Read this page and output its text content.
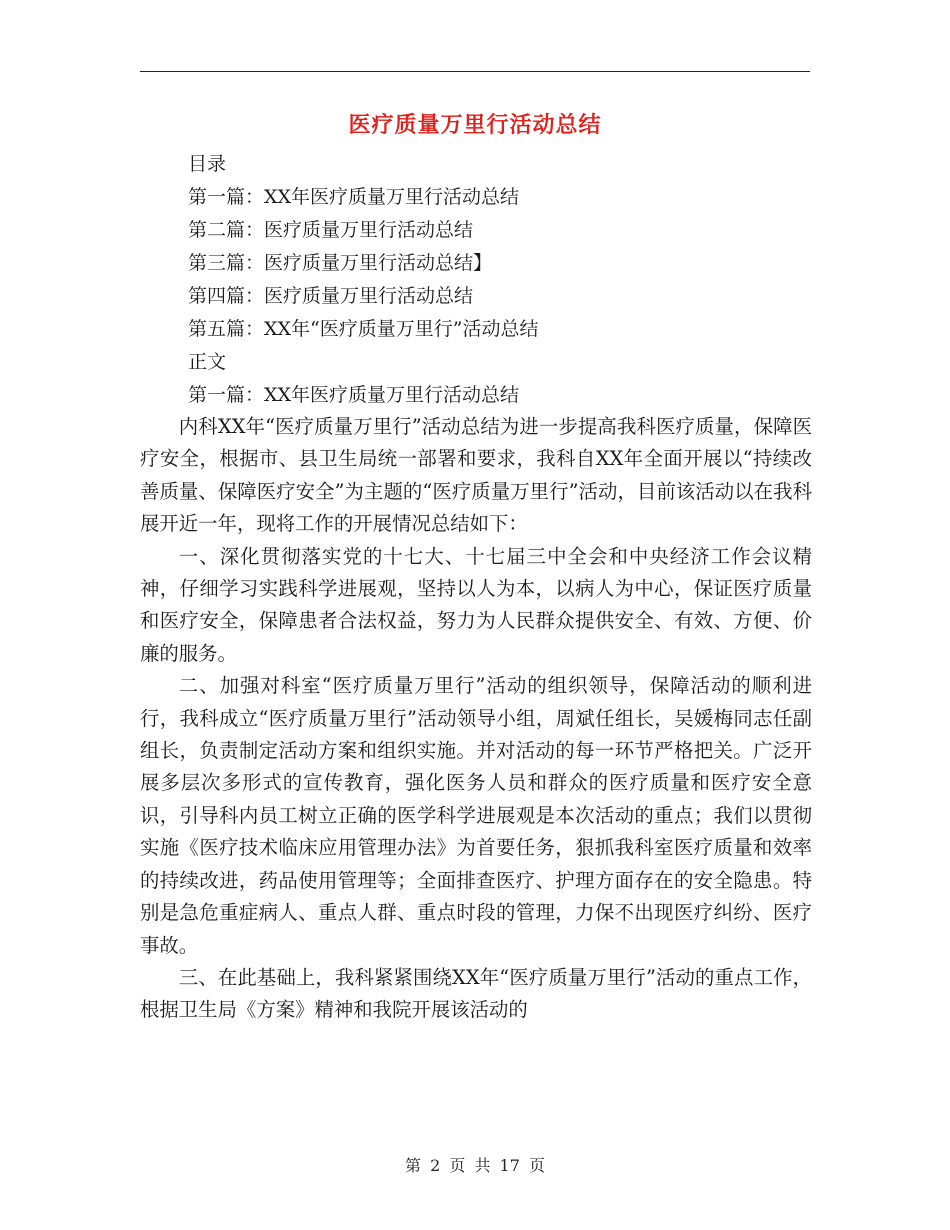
医疗质量万里行活动总结
目录
第一篇：XX年医疗质量万里行活动总结
第二篇：医疗质量万里行活动总结
第三篇：医疗质量万里行活动总结】
第四篇：医疗质量万里行活动总结
第五篇：XX年“医疗质量万里行”活动总结
正文
第一篇：XX年医疗质量万里行活动总结

内科XX年“医疗质量万里行”活动总结为进一步提高我科医疗质量，保障医疗安全，根据市、县卫生局统一部署和要求，我科自XX年全面开展以“持续改善质量、保障医疗安全”为主题的“医疗质量万里行”活动，目前该活动以在我科展开近一年，现将工作的开展情况总结如下：

一、深化贯彻落实党的十七大、十七届三中全会和中央经济工作会议精神，仔细学习实践科学进展观，坚持以人为本，以病人为中心，保证医疗质量和医疗安全，保障患者合法权益，努力为人民群众提供安全、有效、方便、价廉的服务。

二、加强对科室“医疗质量万里行”活动的组织领导，保障活动的顺利进行，我科成立“医疗质量万里行”活动领导小组，周斌任组长，吴媛梅同志任副组长，负责制定活动方案和组织实施。并对活动的每一环节严格把关。广泛开展多层次多形式的宣传教育，强化医务人员和群众的医疗质量和医疗安全意识，引导科内员工树立正确的医学科学进展观是本次活动的重点；我们以贯彻实施《医疗技术临床应用管理办法》为首要任务，狠抓我科室医疗质量和效率的持续改进，药品使用管理等；全面排查医疗、护理方面存在的安全隐患。特别是急危重症病人、重点人群、重点时段的管理，力保不出现医疗纠纷、医疗事故。

三、在此基础上，我科紧紧围绕XX年“医疗质量万里行”活动的重点工作，根据卫生局《方案》精神和我院开展该活动的

第 2 页 共 17 页
